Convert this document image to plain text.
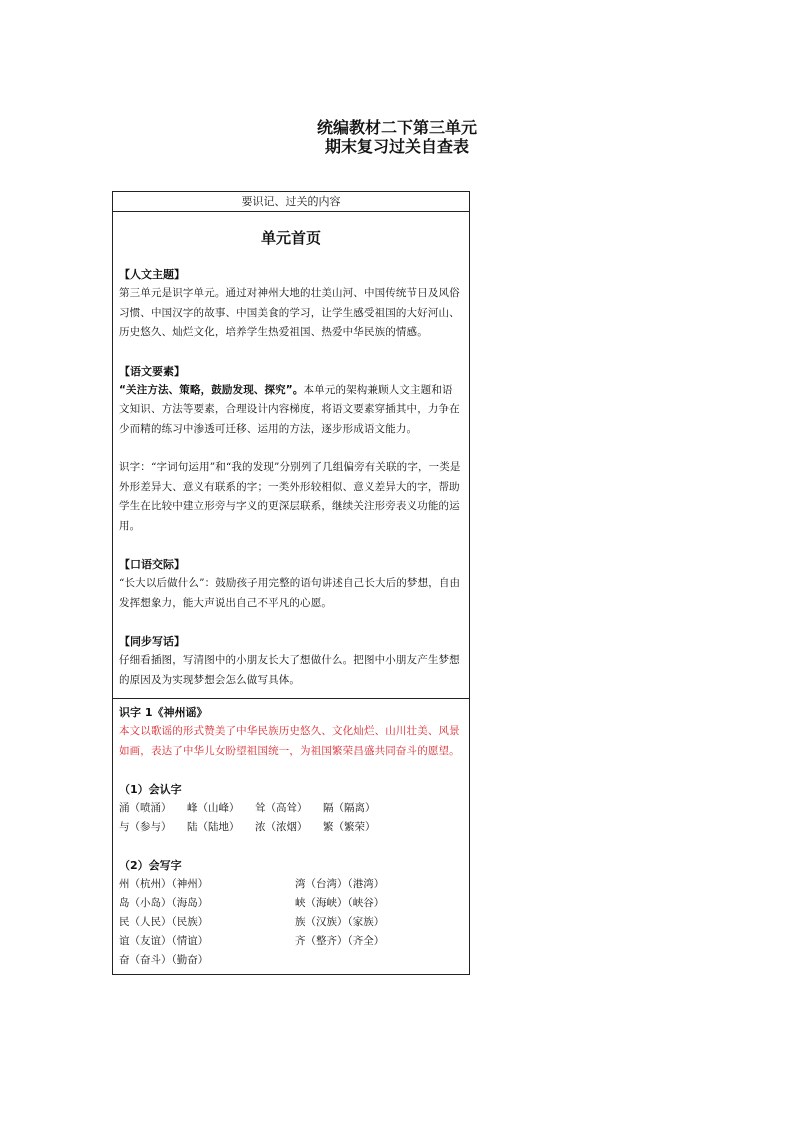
统编教材二下第三单元
期末复习过关自查表
要识记、过关的内容
单元首页
【人文主题】
第三单元是识字单元。通过对神州大地的壮美山河、中国传统节日及风俗习惯、中国汉字的故事、中国美食的学习，让学生感受祖国的大好河山、历史悠久、灿烂文化，培养学生热爱祖国、热爱中华民族的情感。
【语文要素】
“关注方法、策略，鼓励发现、探究”。本单元的架构兼顾人文主题和语文知识、方法等要素，合理设计内容梯度，将语文要素穿插其中，力争在少而精的练习中渗透可迁移、运用的方法，逐步形成语文能力。
识字：“字词句运用”和“我的发现”分别列了几组偏旁有关联的字，一类是外形差异大、意义有联系的字；一类外形较相似、意义差异大的字，帮助学生在比较中建立形旁与字义的更深层联系，继续关注形旁表义功能的运用。
【口语交际】
“长大以后做什么”：鼓励孩子用完整的语句讲述自己长大后的梦想，自由发挥想象力，能大声说出自己不平凡的心愿。
【同步写话】
仔细看插图，写清图中的小朋友长大了想做什么。把图中小朋友产生梦想的原因及为实现梦想会怎么做写具体。
识字 1《神州谣》
本文以歌谣的形式赞美了中华民族历史悠久、文化灿烂、山川壮美、风景如画，表达了中华儿女盼望祖国统一，为祖国繁荣昌盛共同奋斗的愿望。
（1）会认字
涌（喷涌） 峰（山峰） 耸（高耸） 隔（隔离）
与（参与） 陆（陆地） 浓（浓烟） 繁（繁荣）
（2）会写字
州（杭州）（神州）	湾（台湾）（港湾）
岛（小岛）（海岛）	峡（海峡）（峡谷）
民（人民）（民族）	族（汉族）（家族）
谊（友谊）（情谊）	齐（整齐）（齐全）
奋（奋斗）（勤奋）
